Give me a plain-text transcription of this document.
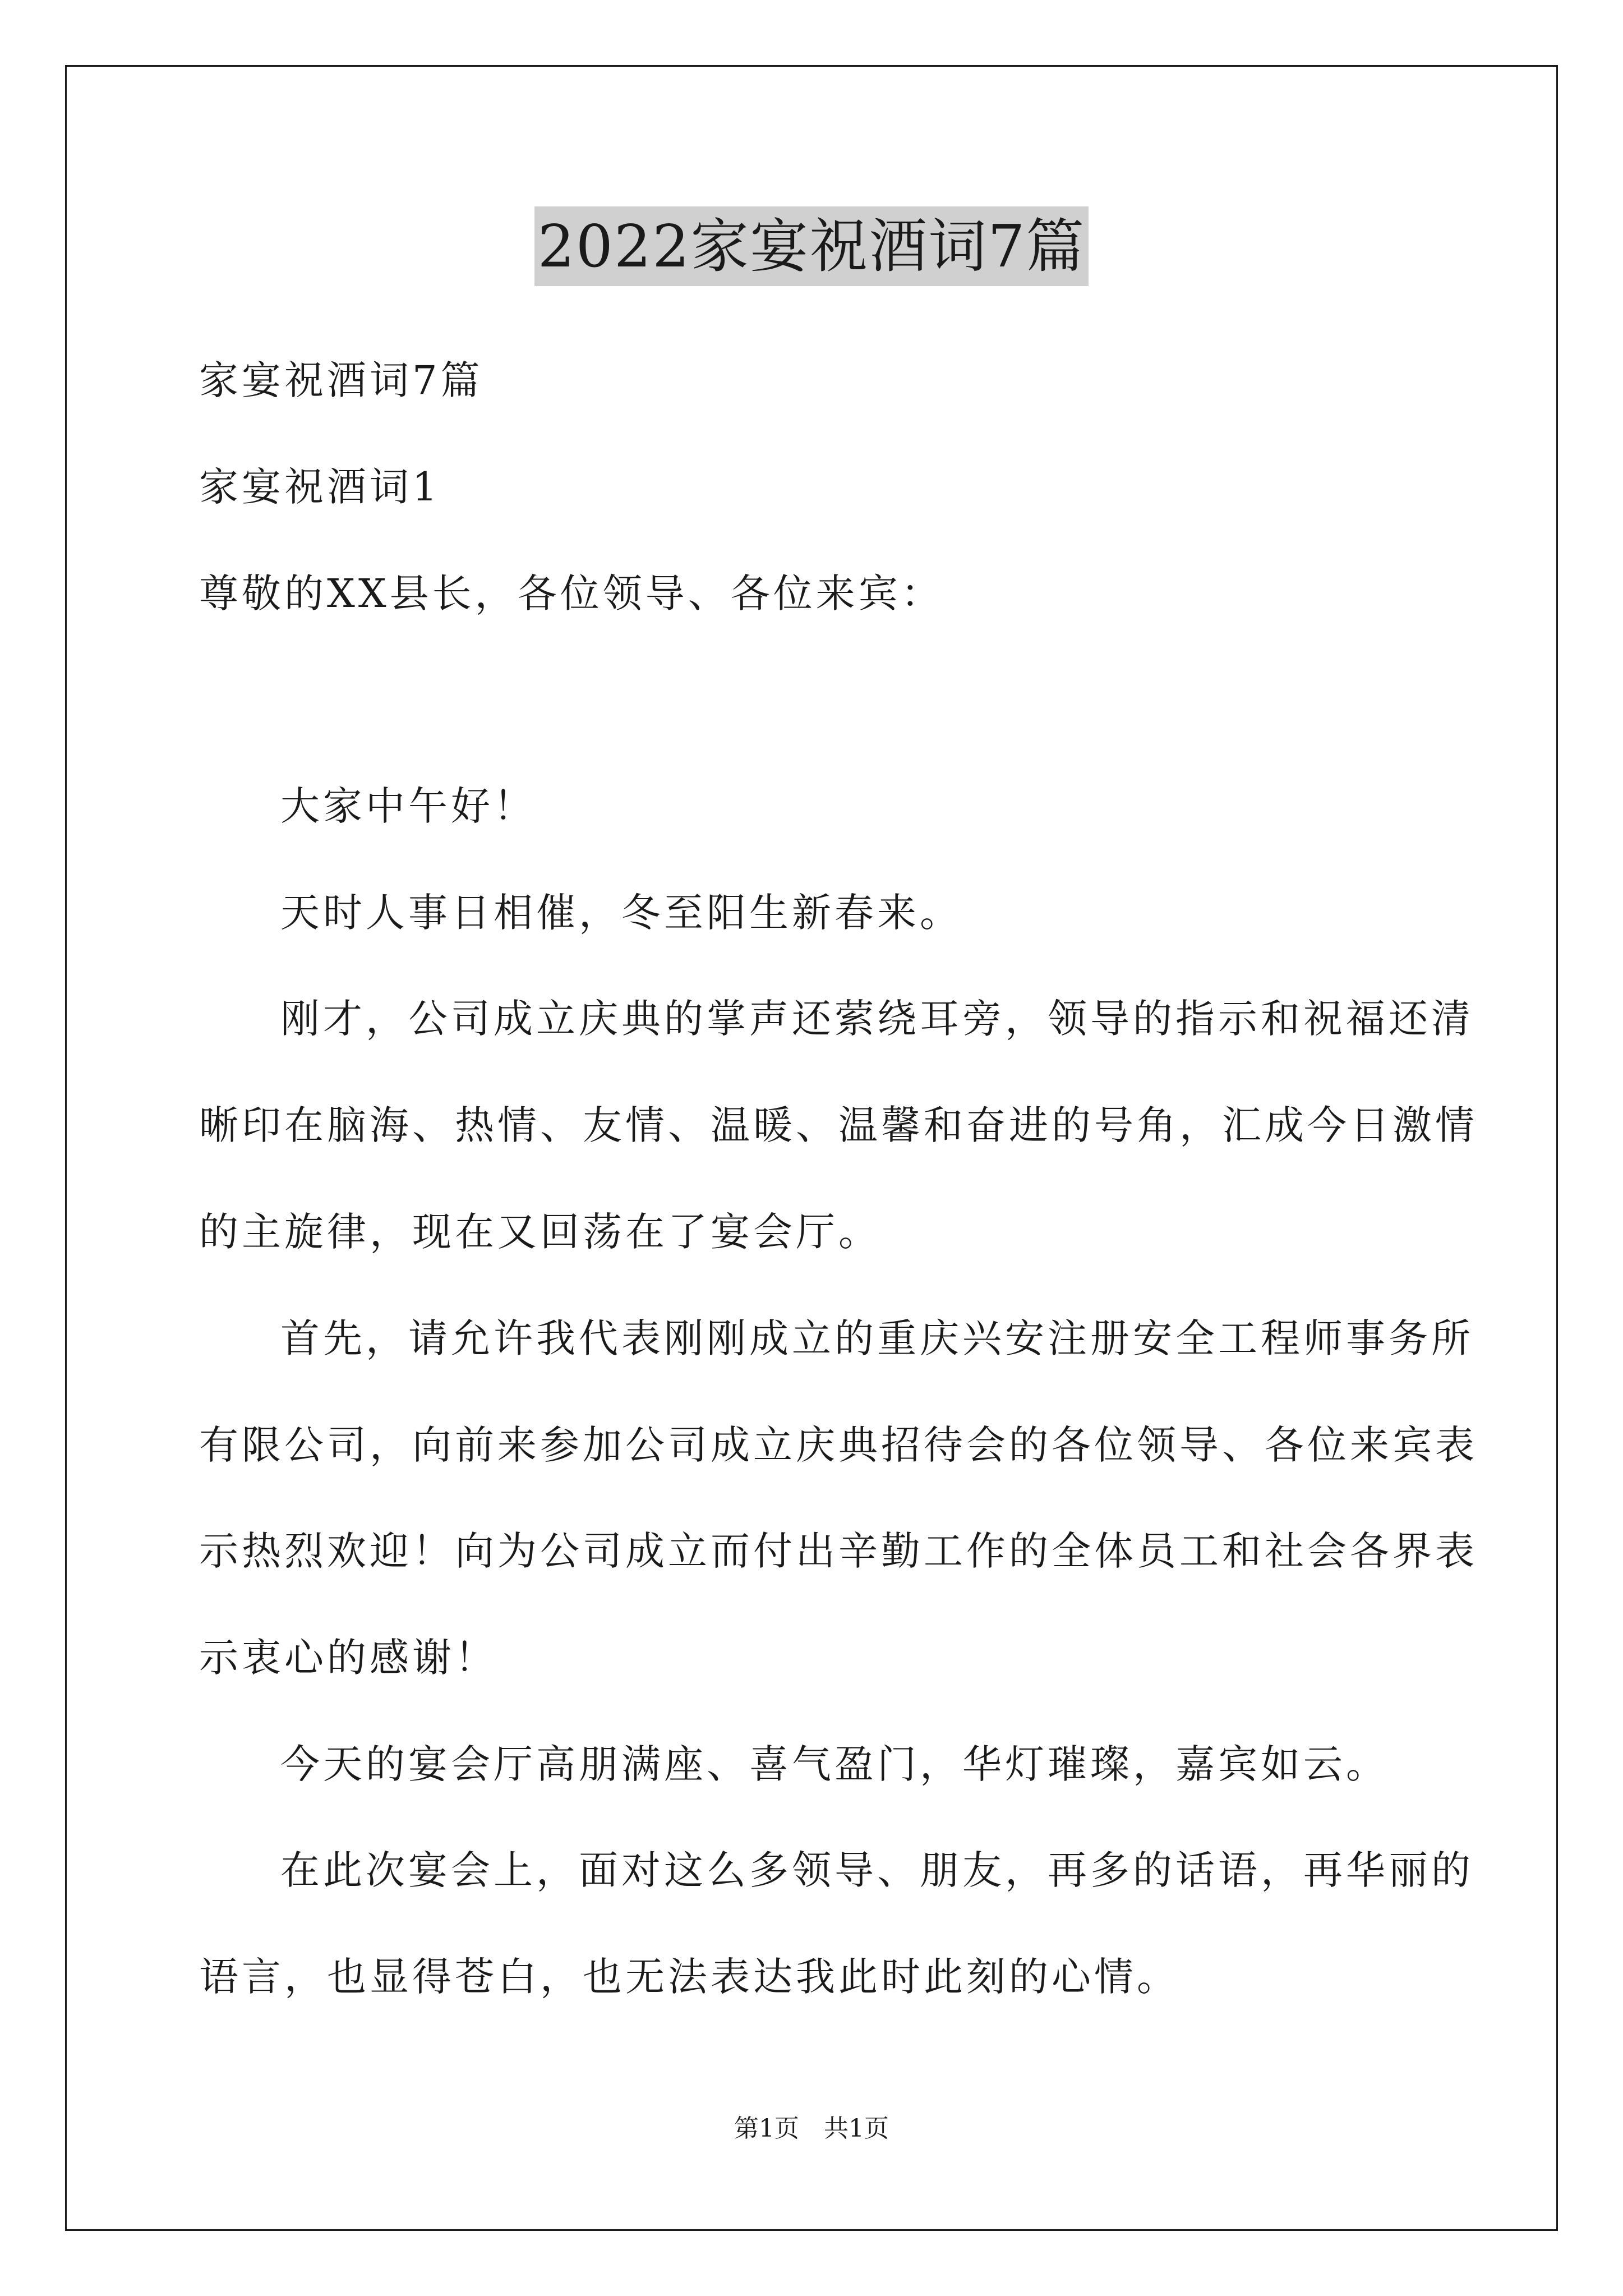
2022家宴祝酒词7篇
家宴祝酒词7篇
家宴祝酒词1
尊敬的XX县长，各位领导、各位来宾：
大家中午好！
天时人事日相催，冬至阳生新春来。
刚才，公司成立庆典的掌声还萦绕耳旁，领导的指示和祝福还清
晰印在脑海、热情、友情、温暖、温馨和奋进的号角，汇成今日激情
的主旋律，现在又回荡在了宴会厅。
首先，请允许我代表刚刚成立的重庆兴安注册安全工程师事务所
有限公司，向前来参加公司成立庆典招待会的各位领导、各位来宾表
示热烈欢迎！向为公司成立而付出辛勤工作的全体员工和社会各界表
示衷心的感谢！
今天的宴会厅高朋满座、喜气盈门，华灯璀璨，嘉宾如云。
在此次宴会上，面对这么多领导、朋友，再多的话语，再华丽的
语言，也显得苍白，也无法表达我此时此刻的心情。
第1页　共1页
